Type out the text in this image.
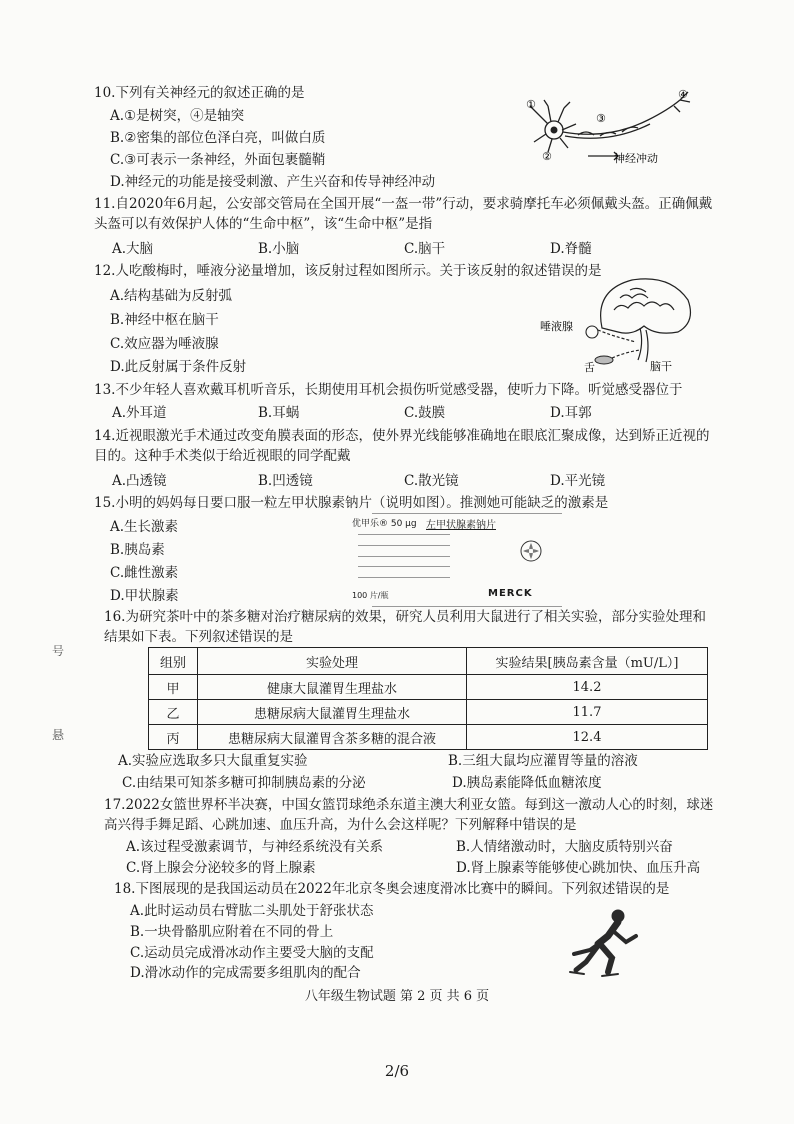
号
悬
10.下列有关神经元的叙述正确的是
A.①是树突，④是轴突
B.②密集的部位色泽白亮，叫做白质
C.③可表示一条神经，外面包裹髓鞘
D.神经元的功能是接受刺激、产生兴奋和传导神经冲动
①
②
③
④
神经冲动
11.自2020年6月起，公安部交管局在全国开展“一盔一带”行动，要求骑摩托车必须佩戴头盔。正确佩戴头盔可以有效保护人体的“生命中枢”，该“生命中枢”是指
A.大脑	B.小脑	C.脑干	D.脊髓
12.人吃酸梅时，唾液分泌量增加，该反射过程如图所示。关于该反射的叙述错误的是
A.结构基础为反射弧
B.神经中枢在脑干
C.效应器为唾液腺
D.此反射属于条件反射
唾液腺
舌	脑干
13.不少年轻人喜欢戴耳机听音乐，长期使用耳机会损伤听觉感受器，使听力下降。听觉感受器位于
A.外耳道	B.耳蜗	C.鼓膜	D.耳郭
14.近视眼激光手术通过改变角膜表面的形态，使外界光线能够准确地在眼底汇聚成像，达到矫正近视的目的。这种手术类似于给近视眼的同学配戴
A.凸透镜	B.凹透镜	C.散光镜	D.平光镜
15.小明的妈妈每日要口服一粒左甲状腺素钠片（说明如图）。推测她可能缺乏的激素是
A.生长激素
B.胰岛素
C.雌性激素
D.甲状腺素
优甲乐® 50 μg 左甲状腺素钠片
100 片/瓶	MERCK
16.为研究茶叶中的茶多糖对治疗糖尿病的效果，研究人员利用大鼠进行了相关实验，部分实验处理和结果如下表。下列叙述错误的是
组别	实验处理	实验结果[胰岛素含量（mU/L）]
甲	健康大鼠灌胃生理盐水	14.2
乙	患糖尿病大鼠灌胃生理盐水	11.7
丙	患糖尿病大鼠灌胃含茶多糖的混合液	12.4
A.实验应选取多只大鼠重复实验	B.三组大鼠均应灌胃等量的溶液
C.由结果可知茶多糖可抑制胰岛素的分泌	D.胰岛素能降低血糖浓度
17.2022女篮世界杯半决赛，中国女篮罚球绝杀东道主澳大利亚女篮。每到这一激动人心的时刻，球迷高兴得手舞足蹈、心跳加速、血压升高，为什么会这样呢？下列解释中错误的是
A.该过程受激素调节，与神经系统没有关系	B.人情绪激动时，大脑皮质特别兴奋
C.肾上腺会分泌较多的肾上腺素	D.肾上腺素等能够使心跳加快、血压升高
18.下图展现的是我国运动员在2022年北京冬奥会速度滑冰比赛中的瞬间。下列叙述错误的是
A.此时运动员右臂肱二头肌处于舒张状态
B.一块骨骼肌应附着在不同的骨上
C.运动员完成滑冰动作主要受大脑的支配
D.滑冰动作的完成需要多组肌肉的配合
八年级生物试题 第 2 页 共 6 页
2/6
